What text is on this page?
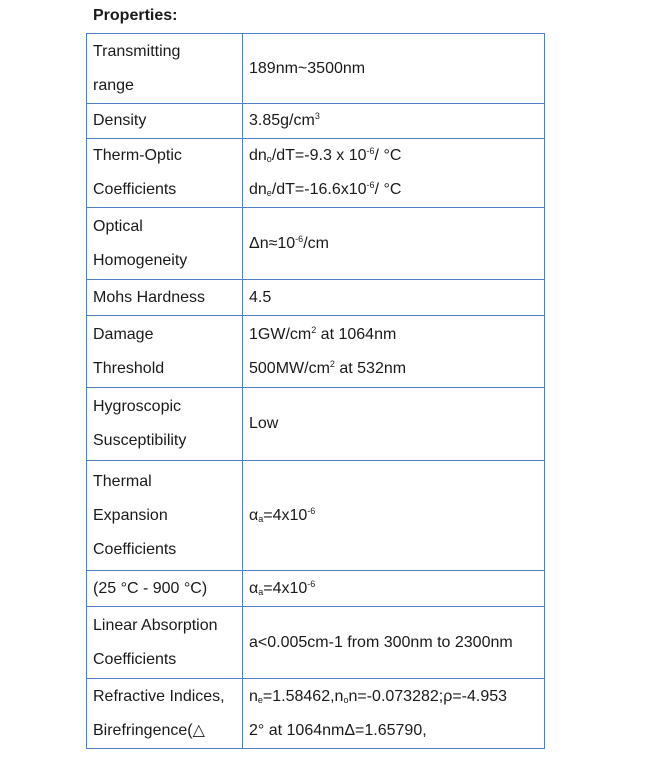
Properties:
Transmitting
range	189nm~3500nm

Density	$3.85g/cm^3$

Therm-Optic
Coefficients	$dn_o/dT=-9.3$ x $10^{-6}/$ °C
$dn_e/dT=-16.6x10^{-6}/$ °C

Optical
Homogeneity	$\Delta n\approx 10^{-6}/cm$

Mohs Hardness	4.5

Damage
Threshold	$1GW/cm^2$ at 1064nm
$500MW/cm^2$ at 532nm

Hygroscopic
Susceptibility	Low

Thermal
Expansion
Coefficients	$\alpha_a=4x10^{-6}$

(25 °C - 900 °C)	$\alpha_a=4x10^{-6}$

Linear Absorption
Coefficients	a<0.005cm-1 from 300nm to 2300nm

Refractive Indices,
Birefringence(△	$n_e=1.58462,n_on=-0.073282;\rho=-4.953$
2° at 1064nmΔ=1.65790,
